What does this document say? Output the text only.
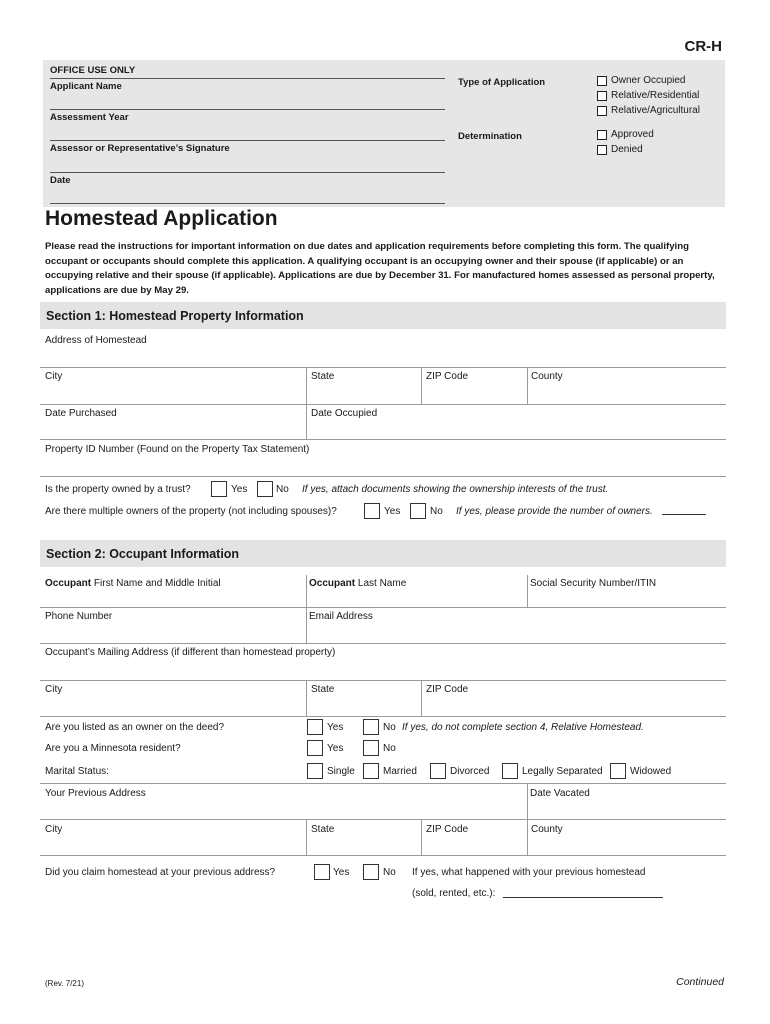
CR-H
OFFICE USE ONLY
Applicant Name
Assessment Year
Assessor or Representative’s Signature
Date
Type of Application	Owner Occupied
Relative/Residential
Relative/Agricultural
Determination	Approved
Denied
Homestead Application
Please read the instructions for important information on due dates and application requirements before completing this form. The qualifying occupant or occupants should complete this application. A qualifying occupant is an occupying owner and their spouse (if applicable) or an occupying relative and their spouse (if applicable). Applications are due by December 31. For manufactured homes assessed as personal property, applications are due by May 29.
Section 1: Homestead Property Information
Address of Homestead
City	State	ZIP Code	County
Date Purchased	Date Occupied
Property ID Number (Found on the Property Tax Statement)
Is the property owned by a trust?	Yes	No If yes, attach documents showing the ownership interests of the trust.
Are there multiple owners of the property (not including spouses)?	Yes	No If yes, please provide the number of owners.
Section 2: Occupant Information
Occupant First Name and Middle Initial	Occupant Last Name	Social Security Number/ITIN
Phone Number	Email Address
Occupant’s Mailing Address (if different than homestead property)
City	State	ZIP Code
Are you listed as an owner on the deed?	Yes	No If yes, do not complete section 4, Relative Homestead.
Are you a Minnesota resident?	Yes	No
Marital Status:	Single	Married	Divorced	Legally Separated	Widowed
Your Previous Address	Date Vacated
City	State	ZIP Code	County
Did you claim homestead at your previous address?	Yes	No If yes, what happened with your previous homestead
(sold, rented, etc.):
(Rev. 7/21)	Continued
